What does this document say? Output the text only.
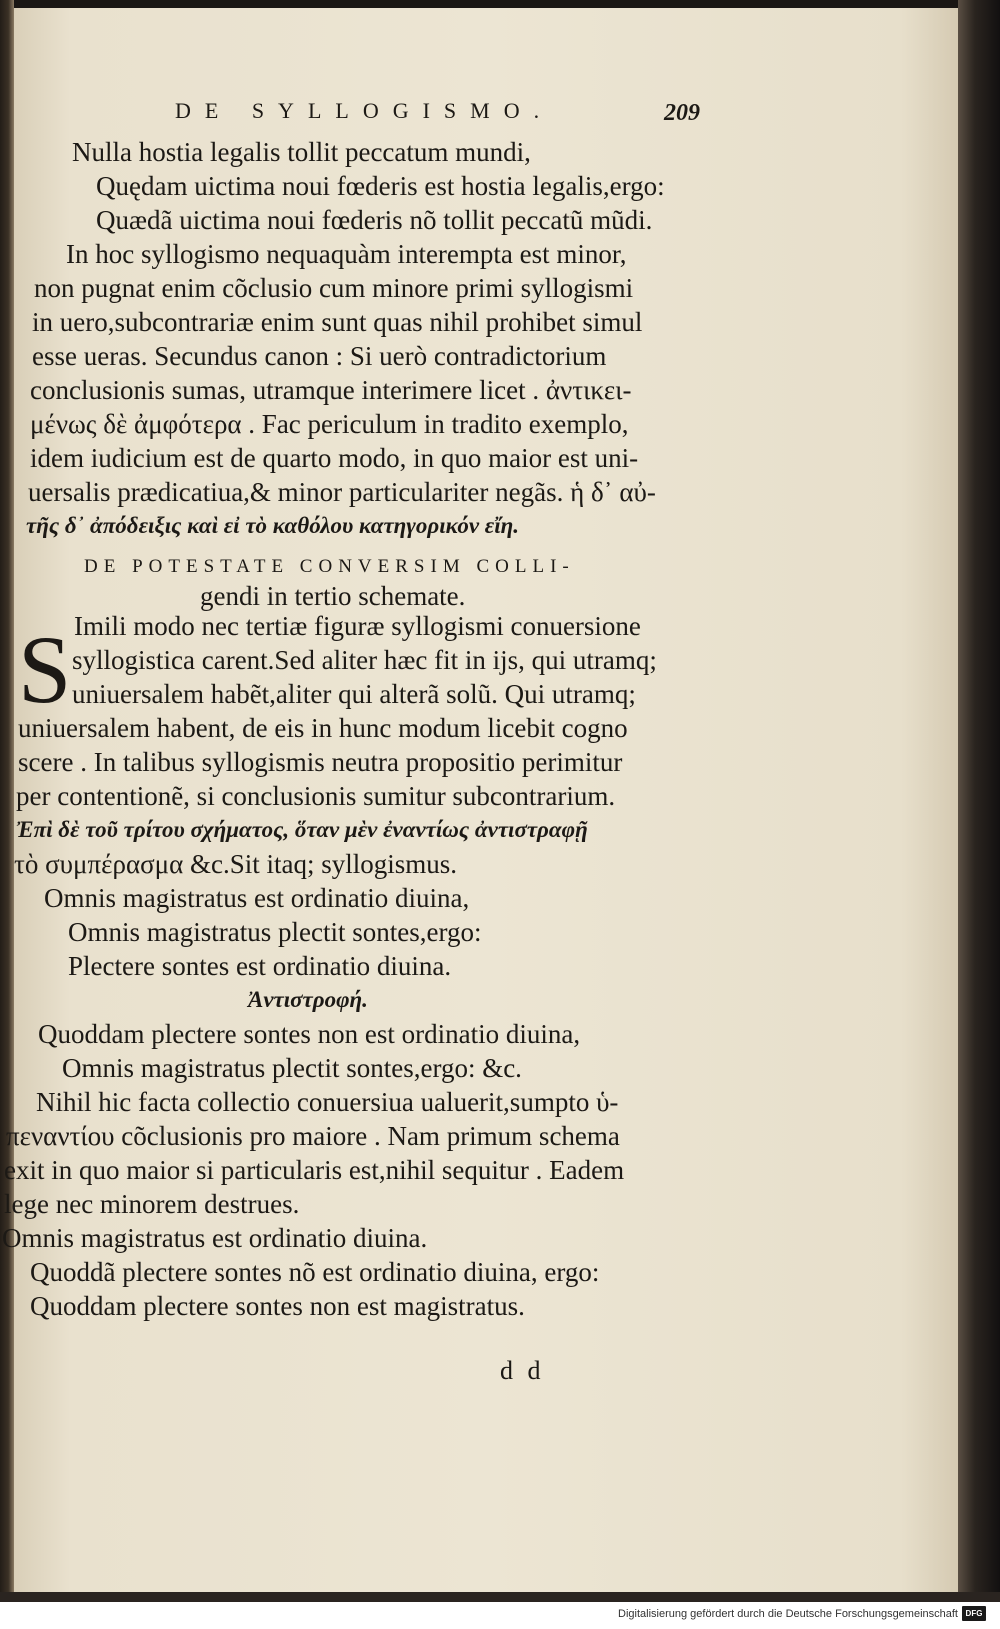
DE SYLLOGISMO.	209
Nulla hostia legalis tollit peccatum mundi,
Quędam uictima noui fœderis est hostia legalis,ergo:
Quædã uictima noui fœderis nõ tollit peccatũ mũdi.
In hoc syllogismo nequaquàm interempta est minor,
non pugnat enim cõclusio cum minore primi syllogismi
in uero,subcontrariæ enim sunt quas nihil prohibet simul
esse ueras. Secundus canon : Si uerò contradictorium
conclusionis sumas, utramque interimere licet . ἀντικει-
μένως δὲ ἀμφότερα . Fac periculum in tradito exemplo,
idem iudicium est de quarto modo, in quo maior est uni-
uersalis prædicatiua,& minor particulariter negãs. ἡ δ᾽ αὐ-
τῆς δ᾽ ἀπόδειξις καὶ εἰ τὸ καθόλου κατηγορικόν εἴη.
DE POTESTATE CONVERSIM COLLI-
gendi in tertio schemate.
S Imili modo nec tertiæ figuræ syllogismi conuersione
syllogistica carent.Sed aliter hæc fit in ijs, qui utramq;
uniuersalem habẽt,aliter qui alterã solũ. Qui utramq;
uniuersalem habent, de eis in hunc modum licebit cogno
scere . In talibus syllogismis neutra propositio perimitur
per contentionẽ, si conclusionis sumitur subcontrarium.
Ἐπὶ δὲ τοῦ τρίτου σχήματος, ὅταν μὲν ἐναντίως ἀντιστραφῇ
τὸ συμπέρασμα &c.Sit itaq; syllogismus.
Omnis magistratus est ordinatio diuina,
Omnis magistratus plectit sontes,ergo:
Plectere sontes est ordinatio diuina.
Ἀντιστροφή.
Quoddam plectere sontes non est ordinatio diuina,
Omnis magistratus plectit sontes,ergo: &c.
Nihil hic facta collectio conuersiua ualuerit,sumpto ὑ-
πεναντίου cõclusionis pro maiore . Nam primum schema
exit in quo maior si particularis est,nihil sequitur . Eadem
lege nec minorem destrues.
Omnis magistratus est ordinatio diuina.
Quoddã plectere sontes nõ est ordinatio diuina, ergo:
Quoddam plectere sontes non est magistratus.
d d
Digitalisierung gefördert durch die Deutsche Forschungsgemeinschaft DFG
